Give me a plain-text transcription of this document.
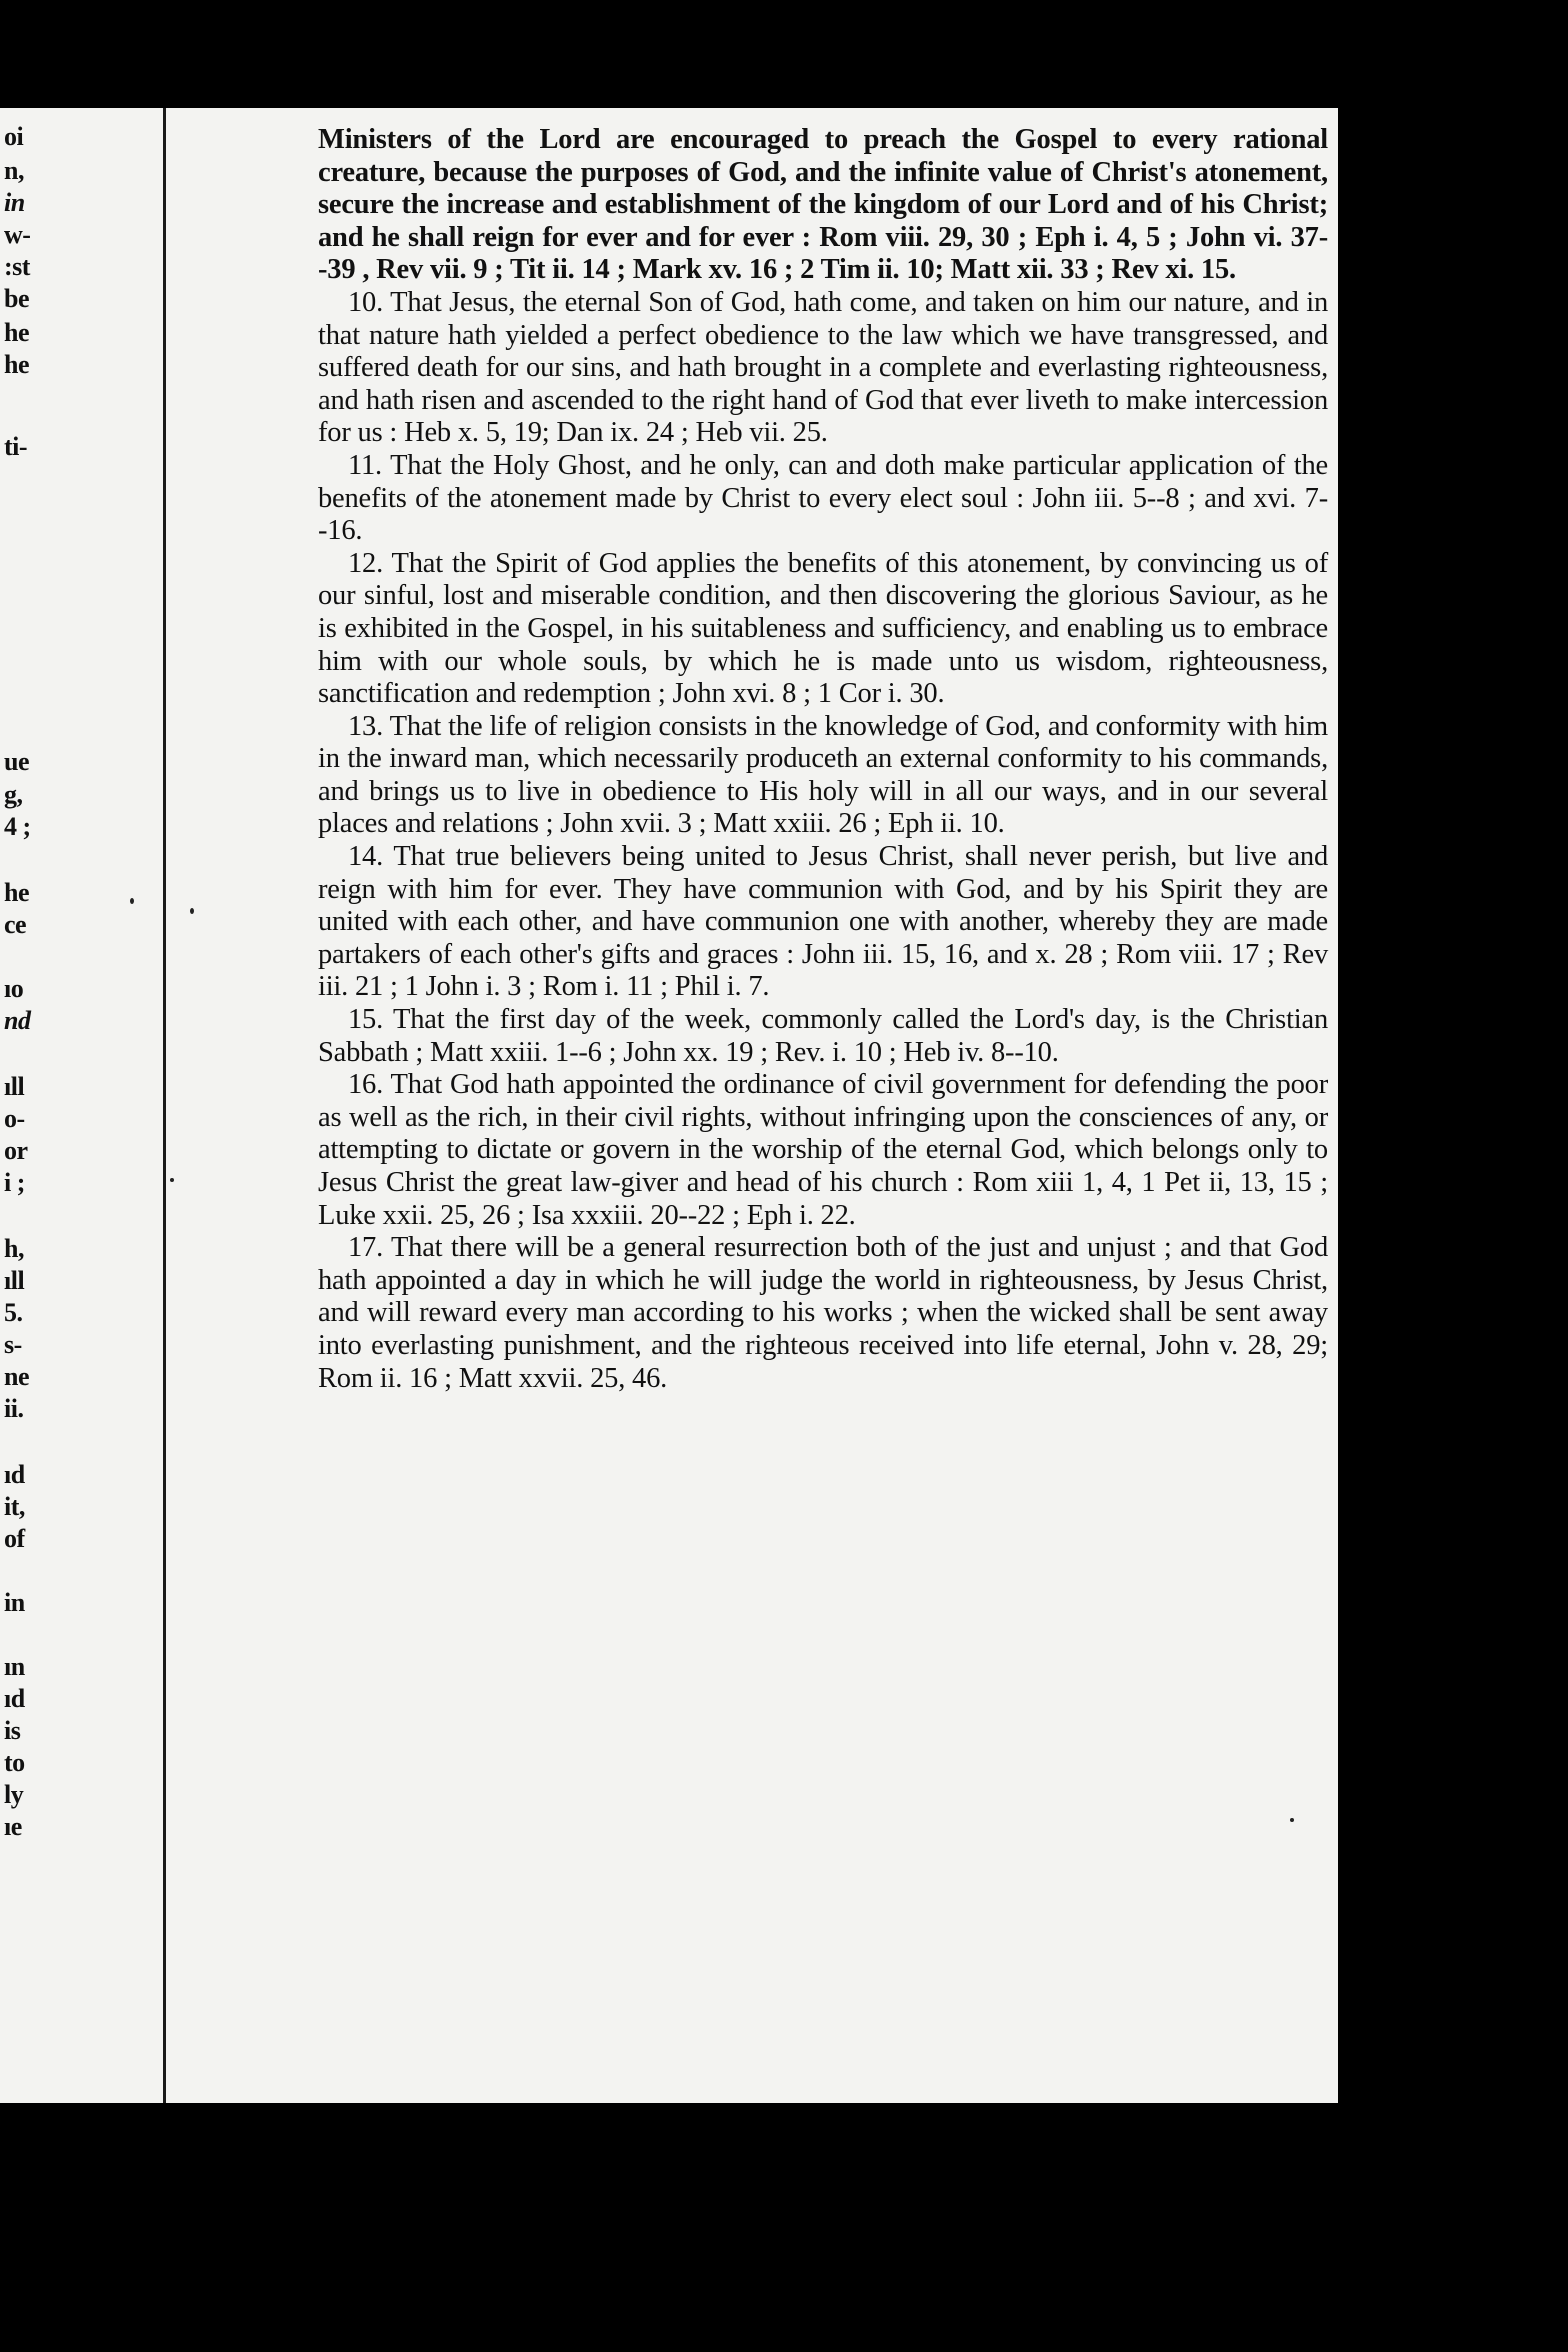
oi
n,
in
w-
:st
be
he
he
ti-
ue
g,
4 ;
he
ce
ıo
nd
ıll
o-
or
i ;
h,
ıll
5.
s-
ne
ii.
ıd
it,
of
in
ın
ıd
is
to
ly
ıe

Ministers of the Lord are encouraged to preach the Gospel to every rational creature, because the purposes of God, and the infinite value of Christ's atonement, secure the increase and establishment of the kingdom of our Lord and of his Christ; and he shall reign for ever and for ever : Rom viii. 29, 30 ; Eph i. 4, 5 ; John vi. 37--39 , Rev vii. 9 ; Tit ii. 14 ; Mark xv. 16 ; 2 Tim ii. 10; Matt xii. 33 ; Rev xi. 15.

10. That Jesus, the eternal Son of God, hath come, and taken on him our nature, and in that nature hath yielded a perfect obedience to the law which we have transgressed, and suffered death for our sins, and hath brought in a complete and everlasting righteousness, and hath risen and ascended to the right hand of God that ever liveth to make intercession for us : Heb x. 5, 19; Dan ix. 24 ; Heb vii. 25.

11. That the Holy Ghost, and he only, can and doth make particular application of the benefits of the atonement made by Christ to every elect soul : John iii. 5--8 ; and xvi. 7--16.

12. That the Spirit of God applies the benefits of this atonement, by convincing us of our sinful, lost and miserable condition, and then discovering the glorious Saviour, as he is exhibited in the Gospel, in his suitableness and sufficiency, and enabling us to embrace him with our whole souls, by which he is made unto us wisdom, righteousness, sanctification and redemption ; John xvi. 8 ; 1 Cor i. 30.

13. That the life of religion consists in the knowledge of God, and conformity with him in the inward man, which necessarily produceth an external conformity to his commands, and brings us to live in obedience to His holy will in all our ways, and in our several places and relations ; John xvii. 3 ; Matt xxiii. 26 ; Eph ii. 10.

14. That true believers being united to Jesus Christ, shall never perish, but live and reign with him for ever. They have communion with God, and by his Spirit they are united with each other, and have communion one with another, whereby they are made partakers of each other's gifts and graces : John iii. 15, 16, and x. 28 ; Rom viii. 17 ; Rev iii. 21 ; 1 John i. 3 ; Rom i. 11 ; Phil i. 7.

15. That the first day of the week, commonly called the Lord's day, is the Christian Sabbath ; Matt xxiii. 1--6 ; John xx. 19 ; Rev. i. 10 ; Heb iv. 8--10.

16. That God hath appointed the ordinance of civil government for defending the poor as well as the rich, in their civil rights, without infringing upon the consciences of any, or attempting to dictate or govern in the worship of the eternal God, which belongs only to Jesus Christ the great law-giver and head of his church : Rom xiii 1, 4, 1 Pet ii, 13, 15 ; Luke xxii. 25, 26 ; Isa xxxiii. 20--22 ; Eph i. 22.

17. That there will be a general resurrection both of the just and unjust ; and that God hath appointed a day in which he will judge the world in righteousness, by Jesus Christ, and will reward every man according to his works ; when the wicked shall be sent away into everlasting punishment, and the righteous received into life eternal, John v. 28, 29; Rom ii. 16 ; Matt xxvii. 25, 46.
